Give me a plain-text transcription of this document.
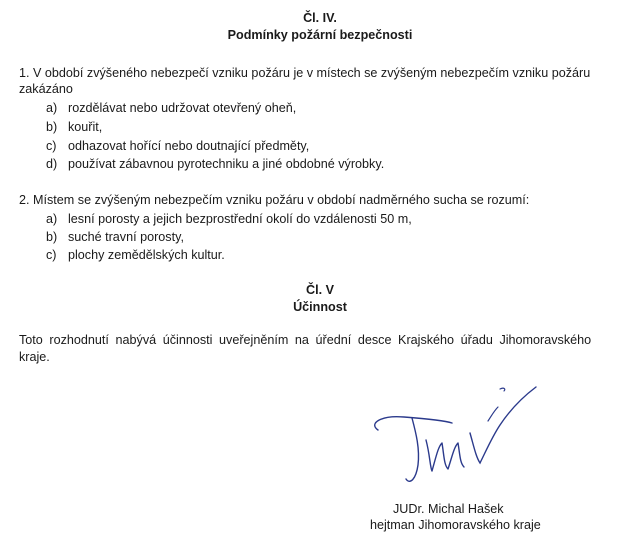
Čl. IV.
Podmínky požární bezpečnosti
1. V období zvýšeného nebezpečí vzniku požáru je v místech se zvýšeným nebezpečím vzniku požáru
zakázáno
a) rozdělávat nebo udržovat otevřený oheň,
b) kouřit,
c) odhazovat hořící nebo doutnající předměty,
d) používat zábavnou pyrotechniku a jiné obdobné výrobky.
2. Místem se zvýšeným nebezpečím vzniku požáru v období nadměrného sucha se rozumí:
a) lesní porosty a jejich bezprostřední okolí do vzdálenosti 50 m,
b) suché travní porosty,
c) plochy zemědělských kultur.
Čl. V
Účinnost
Toto rozhodnutí nabývá účinnosti uveřejněním na úřední desce Krajského úřadu Jihomoravského
kraje.
JUDr. Michal Hašek
hejtman Jihomoravského kraje
